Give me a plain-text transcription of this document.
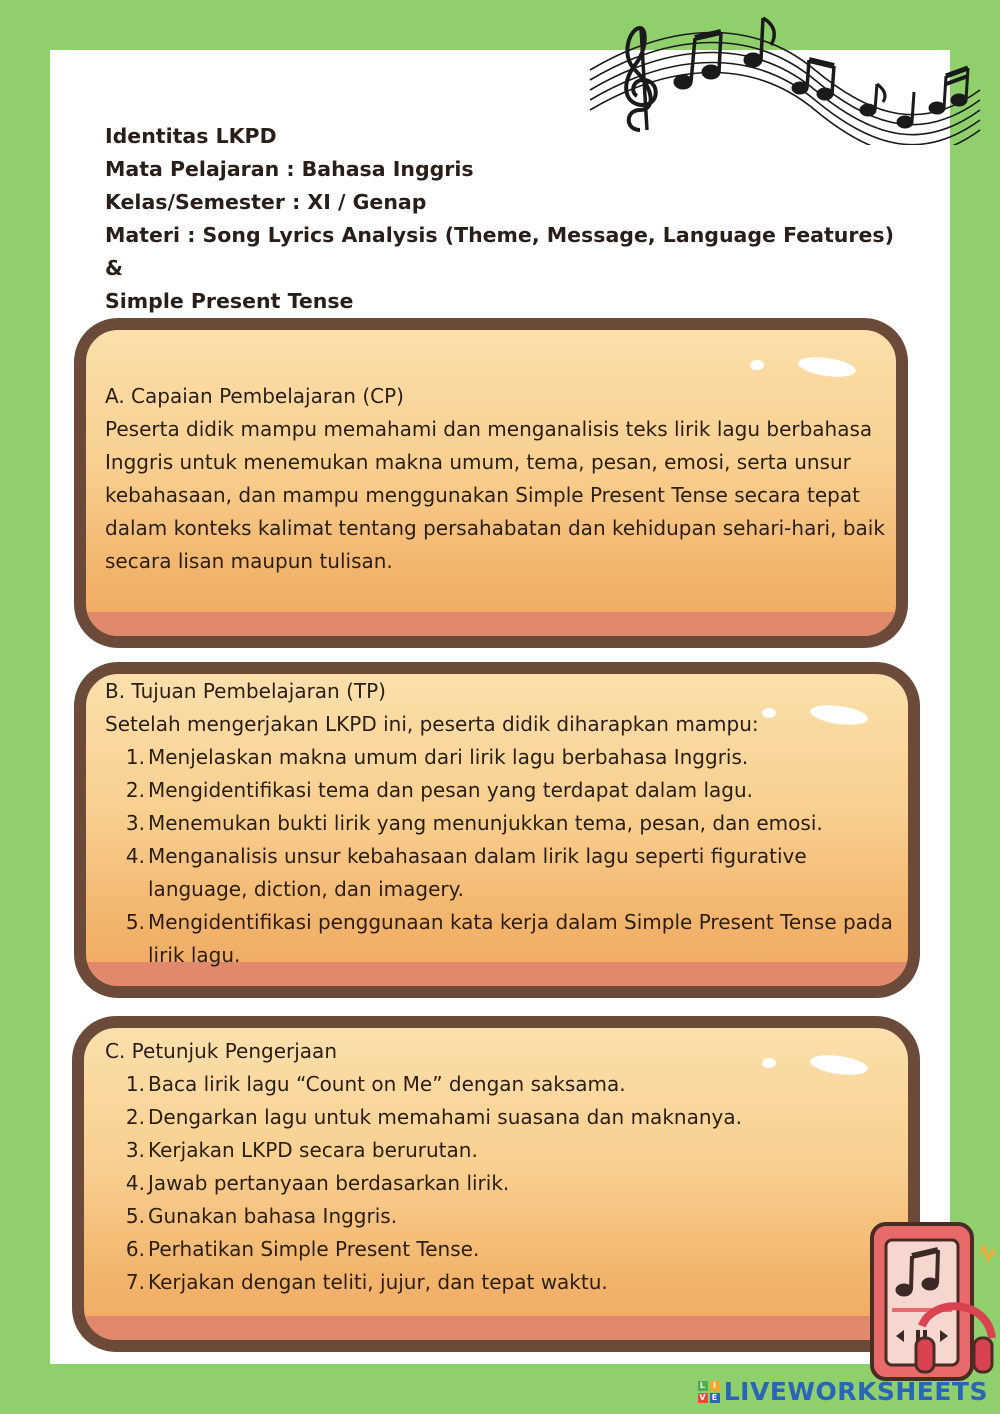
Identitas LKPD
Mata Pelajaran : Bahasa Inggris
Kelas/Semester : XI / Genap
Materi : Song Lyrics Analysis (Theme, Message, Language Features) &
Simple Present Tense

A. Capaian Pembelajaran (CP)

Peserta didik mampu memahami dan menganalisis teks lirik lagu berbahasa Inggris untuk menemukan makna umum, tema, pesan, emosi, serta unsur kebahasaan, dan mampu menggunakan Simple Present Tense secara tepat dalam konteks kalimat tentang persahabatan dan kehidupan sehari-hari, baik secara lisan maupun tulisan.

B. Tujuan Pembelajaran (TP)

Setelah mengerjakan LKPD ini, peserta didik diharapkan mampu:

1. Menjelaskan makna umum dari lirik lagu berbahasa Inggris.
2. Mengidentifikasi tema dan pesan yang terdapat dalam lagu.
3. Menemukan bukti lirik yang menunjukkan tema, pesan, dan emosi.
4. Menganalisis unsur kebahasaan dalam lirik lagu seperti figurative language, diction, dan imagery.
5. Mengidentifikasi penggunaan kata kerja dalam Simple Present Tense pada lirik lagu.

C. Petunjuk Pengerjaan

1. Baca lirik lagu “Count on Me” dengan saksama.
2. Dengarkan lagu untuk memahami suasana dan maknanya.
3. Kerjakan LKPD secara berurutan.
4. Jawab pertanyaan berdasarkan lirik.
5. Gunakan bahasa Inggris.
6. Perhatikan Simple Present Tense.
7. Kerjakan dengan teliti, jujur, dan tepat waktu.
L I
V E LIVEWORKSHEETS
